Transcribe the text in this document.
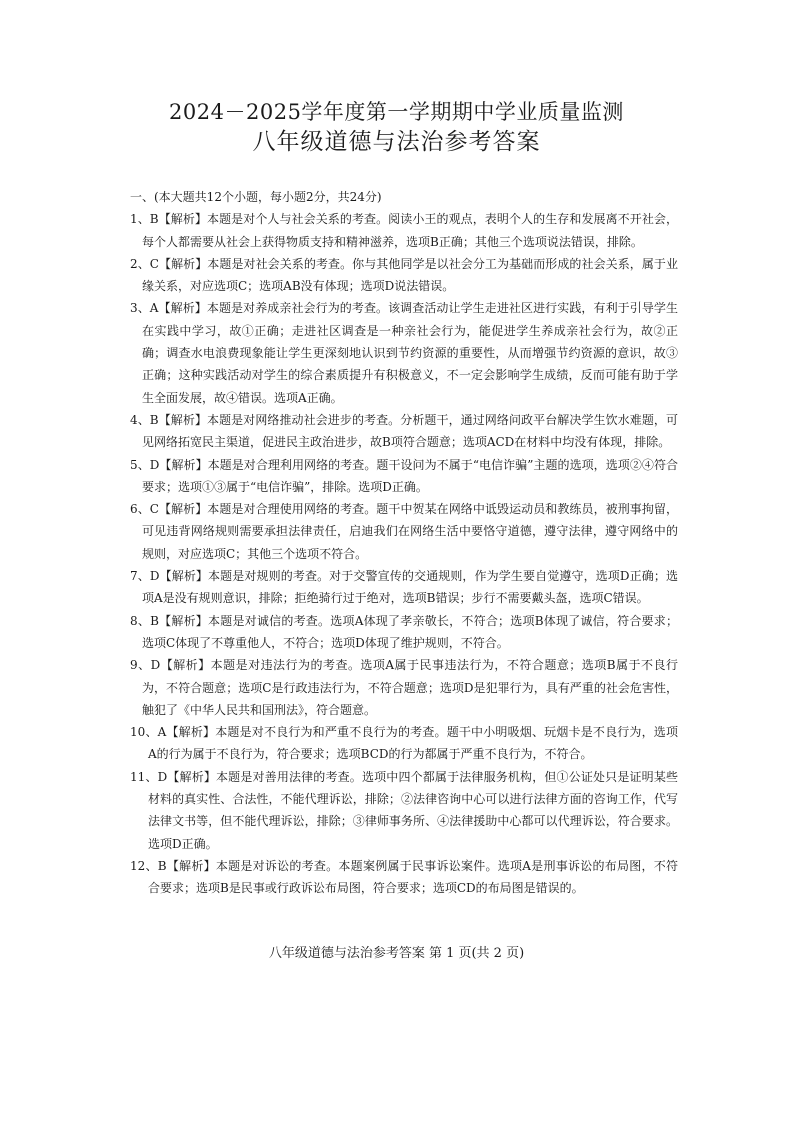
2024－2025学年度第一学期期中学业质量监测
八年级道德与法治参考答案

一、(本大题共12个小题，每小题2分，共24分)

1、B【解析】本题是对个人与社会关系的考查。阅读小王的观点，表明个人的生存和发展离不开社会，每个人都需要从社会上获得物质支持和精神滋养，选项B正确；其他三个选项说法错误，排除。

2、C【解析】本题是对社会关系的考查。你与其他同学是以社会分工为基础而形成的社会关系，属于业缘关系，对应选项C；选项AB没有体现；选项D说法错误。

3、A【解析】本题是对养成亲社会行为的考查。该调查活动让学生走进社区进行实践，有利于引导学生在实践中学习，故①正确；走进社区调查是一种亲社会行为，能促进学生养成亲社会行为，故②正确；调查水电浪费现象能让学生更深刻地认识到节约资源的重要性，从而增强节约资源的意识，故③正确；这种实践活动对学生的综合素质提升有积极意义，不一定会影响学生成绩，反而可能有助于学生全面发展，故④错误。选项A正确。

4、B【解析】本题是对网络推动社会进步的考查。分析题干，通过网络问政平台解决学生饮水难题，可见网络拓宽民主渠道，促进民主政治进步，故B项符合题意；选项ACD在材料中均没有体现，排除。

5、D【解析】本题是对合理利用网络的考查。题干设问为不属于“电信诈骗”主题的选项，选项②④符合要求；选项①③属于“电信诈骗”，排除。选项D正确。

6、C【解析】本题是对合理使用网络的考查。题干中贺某在网络中诋毁运动员和教练员，被刑事拘留，可见违背网络规则需要承担法律责任，启迪我们在网络生活中要恪守道德，遵守法律，遵守网络中的规则，对应选项C；其他三个选项不符合。

7、D【解析】本题是对规则的考查。对于交警宣传的交通规则，作为学生要自觉遵守，选项D正确；选项A是没有规则意识，排除；拒绝骑行过于绝对，选项B错误；步行不需要戴头盔，选项C错误。

8、B【解析】本题是对诚信的考查。选项A体现了孝亲敬长，不符合；选项B体现了诚信，符合要求；选项C体现了不尊重他人，不符合；选项D体现了维护规则，不符合。

9、D【解析】本题是对违法行为的考查。选项A属于民事违法行为，不符合题意；选项B属于不良行为，不符合题意；选项C是行政违法行为，不符合题意；选项D是犯罪行为，具有严重的社会危害性，触犯了《中华人民共和国刑法》，符合题意。

10、A【解析】本题是对不良行为和严重不良行为的考查。题干中小明吸烟、玩烟卡是不良行为，选项A的行为属于不良行为，符合要求；选项BCD的行为都属于严重不良行为，不符合。

11、D【解析】本题是对善用法律的考查。选项中四个都属于法律服务机构，但①公证处只是证明某些材料的真实性、合法性，不能代理诉讼，排除；②法律咨询中心可以进行法律方面的咨询工作，代写法律文书等，但不能代理诉讼，排除；③律师事务所、④法律援助中心都可以代理诉讼，符合要求。选项D正确。

12、B【解析】本题是对诉讼的考查。本题案例属于民事诉讼案件。选项A是刑事诉讼的布局图，不符合要求；选项B是民事或行政诉讼布局图，符合要求；选项CD的布局图是错误的。

八年级道德与法治参考答案 第 1 页(共 2 页)
